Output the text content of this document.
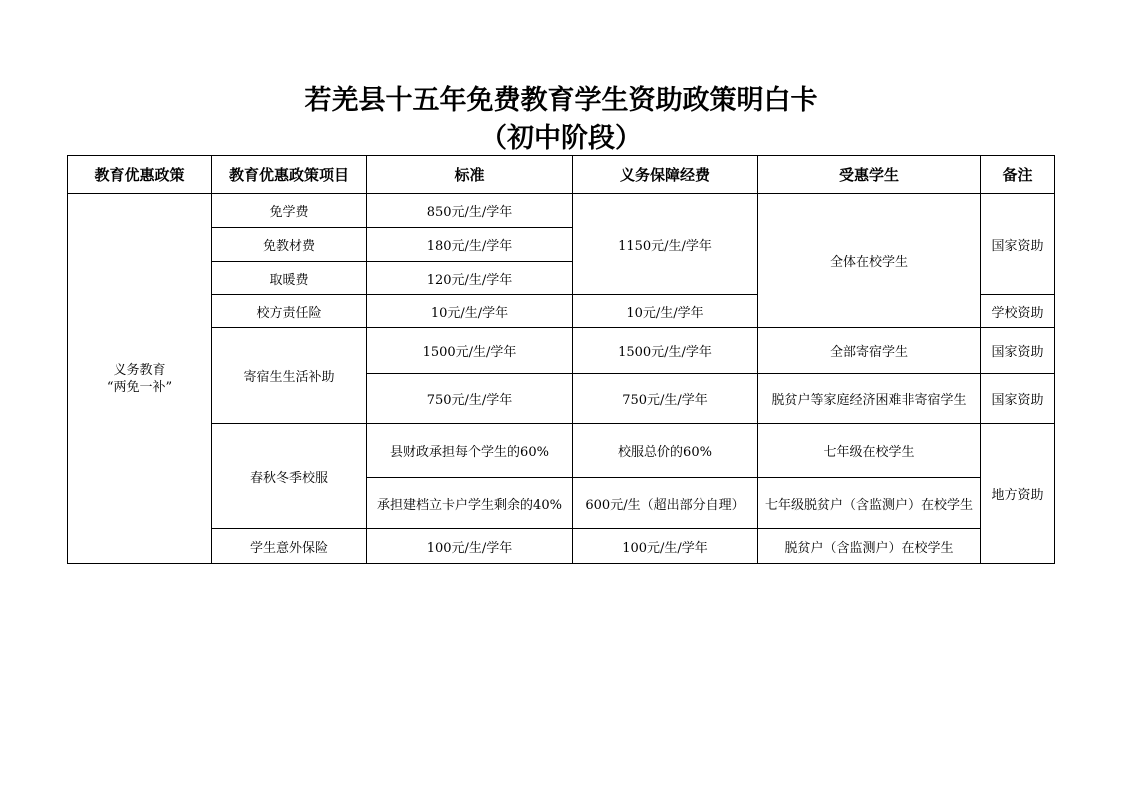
若羌县十五年免费教育学生资助政策明白卡
（初中阶段）
教育优惠政策	教育优惠政策项目	标准	义务保障经费	受惠学生	备注

义务教育
“两免一补”	免学费	850元/生/学年	1150元/生/学年	全体在校学生	国家资助
	免教材费	180元/生/学年			
	取暖费	120元/生/学年			
	校方责任险	10元/生/学年	10元/生/学年		学校资助
	寄宿生生活补助	1500元/生/学年	1500元/生/学年	全部寄宿学生	国家资助
		750元/生/学年	750元/生/学年	脱贫户等家庭经济困难非寄宿学生	国家资助
	春秋冬季校服	县财政承担每个学生的60%	校服总价的60%	七年级在校学生	地方资助
		承担建档立卡户学生剩余的40%	600元/生（超出部分自理）	七年级脱贫户（含监测户）在校学生	
	学生意外保险	100元/生/学年	100元/生/学年	脱贫户（含监测户）在校学生	
